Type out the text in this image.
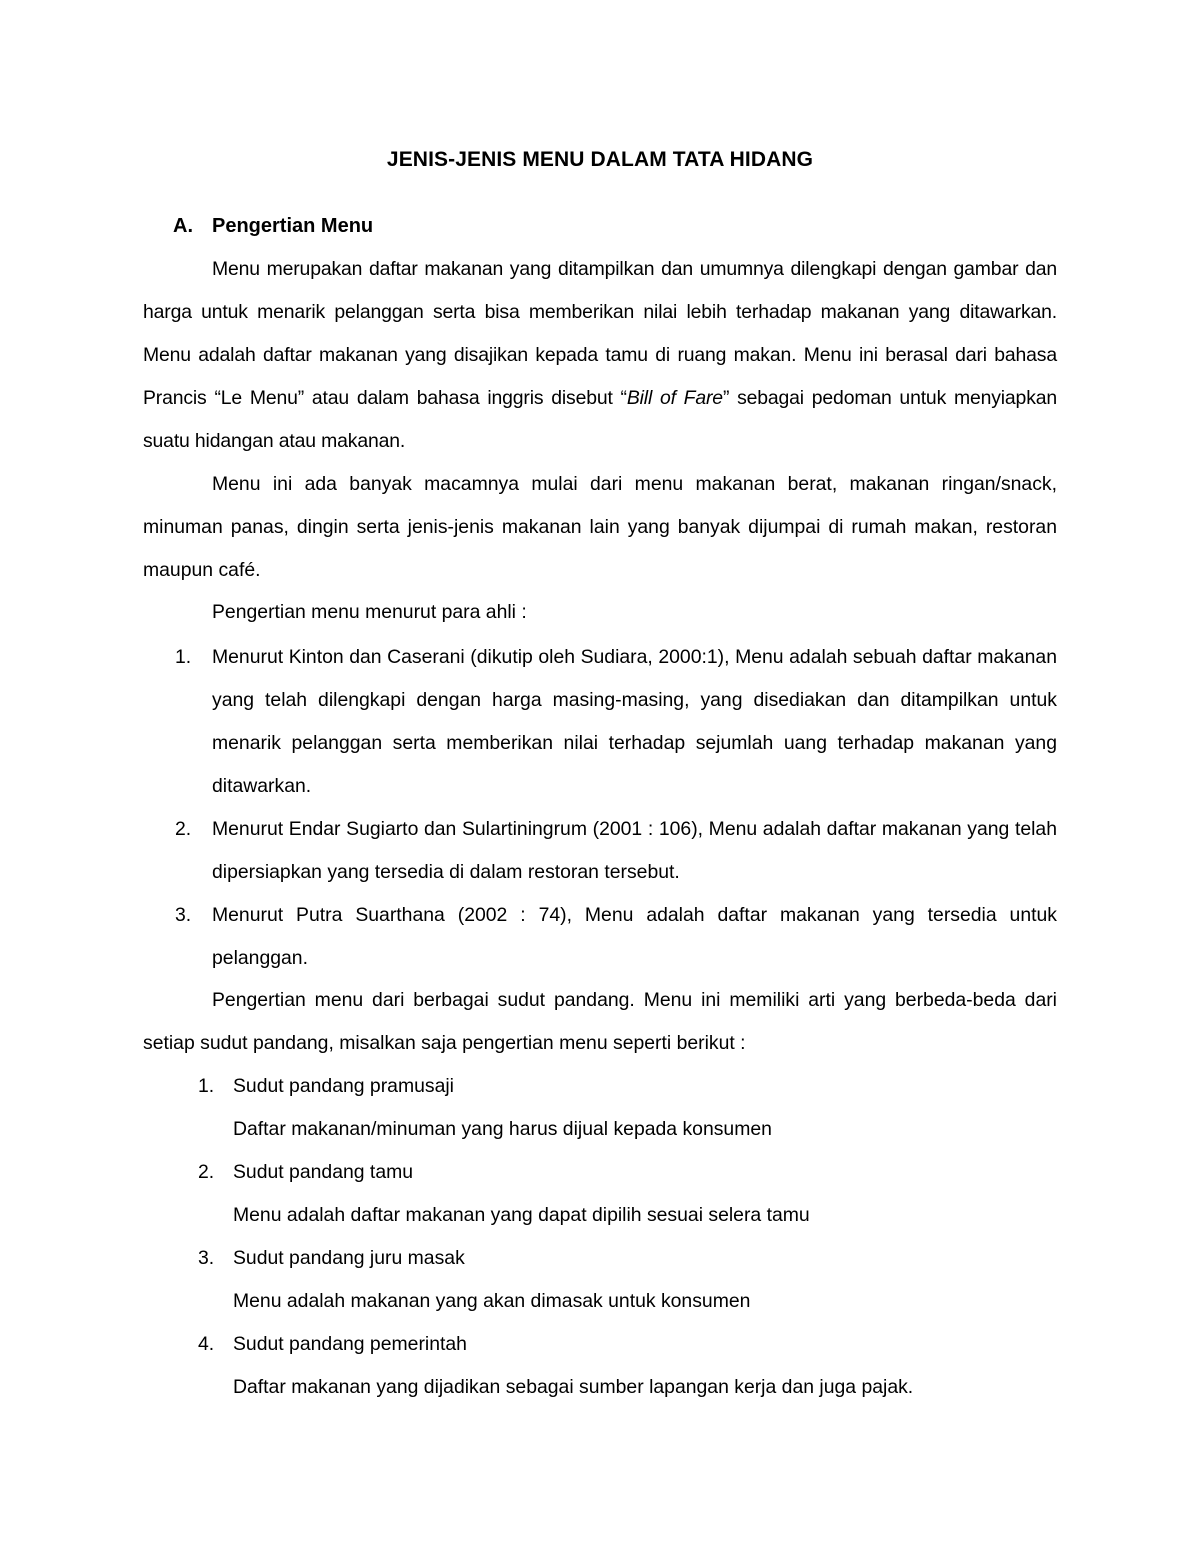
JENIS-JENIS MENU DALAM TATA HIDANG
A. Pengertian Menu

Menu merupakan daftar makanan yang ditampilkan dan umumnya dilengkapi dengan gambar dan harga untuk menarik pelanggan serta bisa memberikan nilai lebih terhadap makanan yang ditawarkan. Menu adalah daftar makanan yang disajikan kepada tamu di ruang makan. Menu ini berasal dari bahasa Prancis “Le Menu” atau dalam bahasa inggris disebut “Bill of Fare” sebagai pedoman untuk menyiapkan suatu hidangan atau makanan.

Menu ini ada banyak macamnya mulai dari menu makanan berat, makanan ringan/snack, minuman panas, dingin serta jenis-jenis makanan lain yang banyak dijumpai di rumah makan, restoran maupun café.

Pengertian menu menurut para ahli :
1. Menurut Kinton dan Caserani (dikutip oleh Sudiara, 2000:1), Menu adalah sebuah daftar makanan yang telah dilengkapi dengan harga masing-masing, yang disediakan dan ditampilkan untuk menarik pelanggan serta memberikan nilai terhadap sejumlah uang terhadap makanan yang ditawarkan.
2. Menurut Endar Sugiarto dan Sulartiningrum (2001 : 106), Menu adalah daftar makanan yang telah dipersiapkan yang tersedia di dalam restoran tersebut.
3. Menurut Putra Suarthana (2002 : 74), Menu adalah daftar makanan yang tersedia untuk pelanggan.

Pengertian menu dari berbagai sudut pandang. Menu ini memiliki arti yang berbeda-beda dari setiap sudut pandang, misalkan saja pengertian menu seperti berikut :

1. Sudut pandang pramusaji
Daftar makanan/minuman yang harus dijual kepada konsumen
2. Sudut pandang tamu
Menu adalah daftar makanan yang dapat dipilih sesuai selera tamu
3. Sudut pandang juru masak
Menu adalah makanan yang akan dimasak untuk konsumen
4. Sudut pandang pemerintah
Daftar makanan yang dijadikan sebagai sumber lapangan kerja dan juga pajak.
